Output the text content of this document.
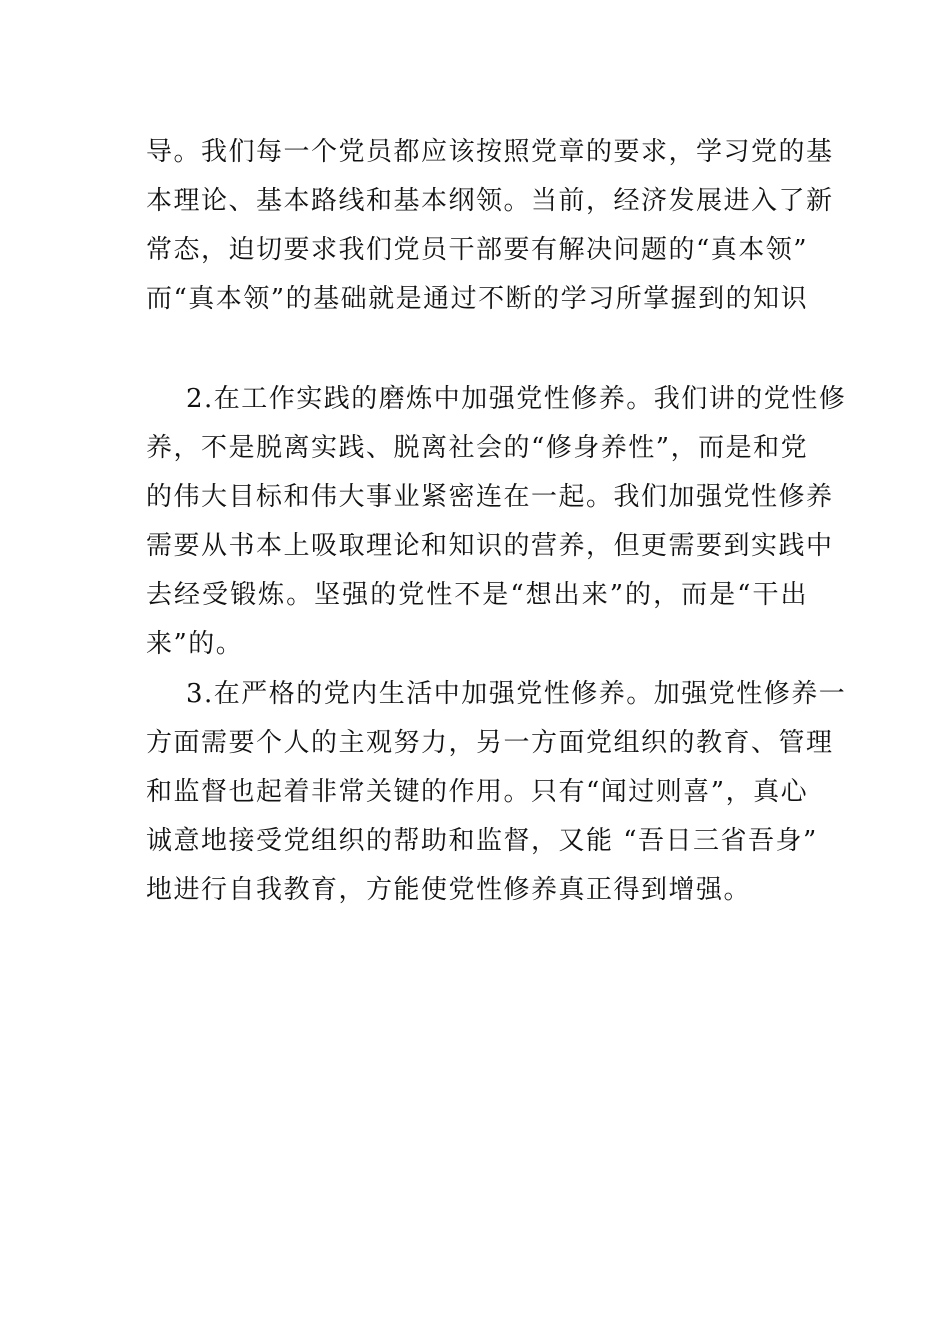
导。我们每一个党员都应该按照党章的要求，学习党的基
本理论、基本路线和基本纲领。当前，经济发展进入了新
常态，迫切要求我们党员干部要有解决问题的“真本领”
而“真本领”的基础就是通过不断的学习所掌握到的知识
2.在工作实践的磨炼中加强党性修养。我们讲的党性修
养，不是脱离实践、脱离社会的“修身养性”，而是和党
的伟大目标和伟大事业紧密连在一起。我们加强党性修养
需要从书本上吸取理论和知识的营养，但更需要到实践中
去经受锻炼。坚强的党性不是“想出来”的，而是“干出
来”的。
3.在严格的党内生活中加强党性修养。加强党性修养一
方面需要个人的主观努力，另一方面党组织的教育、管理
和监督也起着非常关键的作用。只有“闻过则喜”，真心
诚意地接受党组织的帮助和监督，又能 “吾日三省吾身”
地进行自我教育，方能使党性修养真正得到增强。
